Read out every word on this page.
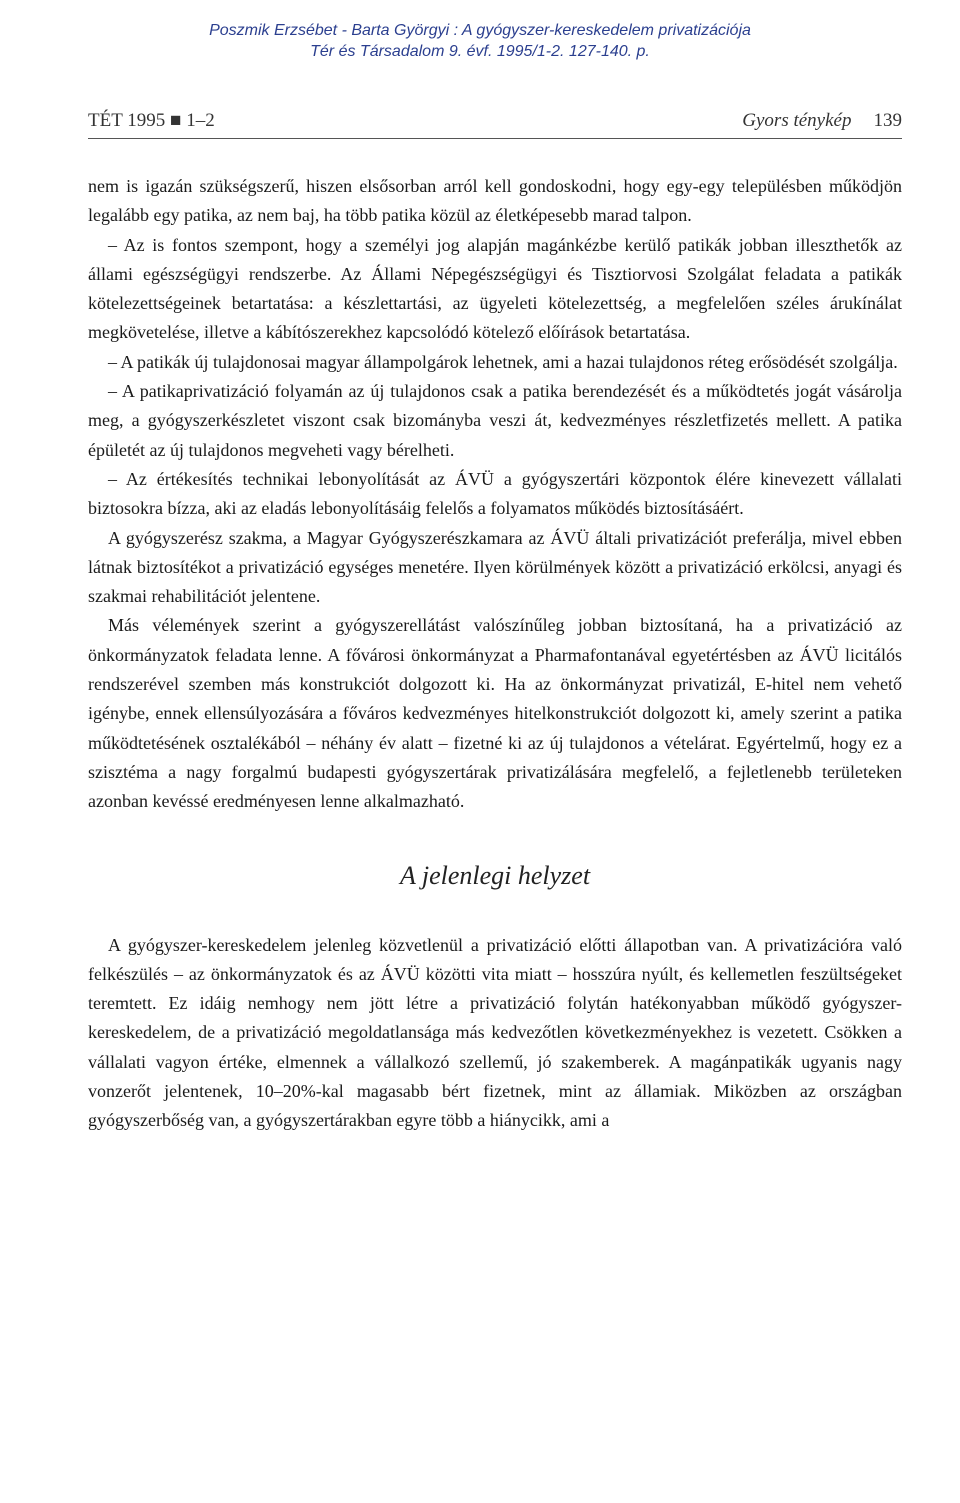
Poszmik Erzsébet - Barta Györgyi : A gyógyszer-kereskedelem privatizációja
Tér és Társadalom 9. évf. 1995/1-2. 127-140. p.
TÉT 1995 ■ 1–2	Gyors ténykép 139

nem is igazán szükségszerű, hiszen elsősorban arról kell gondoskodni, hogy egy-egy településben működjön legalább egy patika, az nem baj, ha több patika közül az életképesebb marad talpon.

– Az is fontos szempont, hogy a személyi jog alapján magánkézbe kerülő patikák jobban illeszthetők az állami egészségügyi rendszerbe. Az Állami Népegészségügyi és Tisztiorvosi Szolgálat feladata a patikák kötelezettségeinek betartatása: a készlettartási, az ügyeleti kötelezettség, a megfelelően széles árukínálat megkövetelése, illetve a kábítószerekhez kapcsolódó kötelező előírások betartatása.

– A patikák új tulajdonosai magyar állampolgárok lehetnek, ami a hazai tulajdonos réteg erősödését szolgálja.

– A patikaprivatizáció folyamán az új tulajdonos csak a patika berendezését és a működtetés jogát vásárolja meg, a gyógyszerkészletet viszont csak bizományba veszi át, kedvezményes részletfizetés mellett. A patika épületét az új tulajdonos megveheti vagy bérelheti.

– Az értékesítés technikai lebonyolítását az ÁVÜ a gyógyszertári központok élére kinevezett vállalati biztosokra bízza, aki az eladás lebonyolításáig felelős a folyamatos működés biztosításáért.

A gyógyszerész szakma, a Magyar Gyógyszerészkamara az ÁVÜ általi privatizációt preferálja, mivel ebben látnak biztosítékot a privatizáció egységes menetére. Ilyen körülmények között a privatizáció erkölcsi, anyagi és szakmai rehabilitációt jelentene.

Más vélemények szerint a gyógyszerellátást valószínűleg jobban biztosítaná, ha a privatizáció az önkormányzatok feladata lenne. A fővárosi önkormányzat a Pharmafontanával egyetértésben az ÁVÜ licitálós rendszerével szemben más konstrukciót dolgozott ki. Ha az önkormányzat privatizál, E-hitel nem vehető igénybe, ennek ellensúlyozására a főváros kedvezményes hitelkonstrukciót dolgozott ki, amely szerint a patika működtetésének osztalékából – néhány év alatt – fizetné ki az új tulajdonos a vételárat. Egyértelmű, hogy ez a szisztéma a nagy forgalmú budapesti gyógyszertárak privatizálására megfelelő, a fejletlenebb területeken azonban kevéssé eredményesen lenne alkalmazható.

A jelenlegi helyzet

A gyógyszer-kereskedelem jelenleg közvetlenül a privatizáció előtti állapotban van. A privatizációra való felkészülés – az önkormányzatok és az ÁVÜ közötti vita miatt – hosszúra nyúlt, és kellemetlen feszültségeket teremtett. Ez idáig nemhogy nem jött létre a privatizáció folytán hatékonyabban működő gyógyszer-kereskedelem, de a privatizáció megoldatlansága más kedvezőtlen következményekhez is vezetett. Csökken a vállalati vagyon értéke, elmennek a vállalkozó szellemű, jó szakemberek. A magánpatikák ugyanis nagy vonzerőt jelentenek, 10–20%-kal magasabb bért fizetnek, mint az államiak. Miközben az országban gyógyszerbőség van, a gyógyszertárakban egyre több a hiánycikk, ami a
